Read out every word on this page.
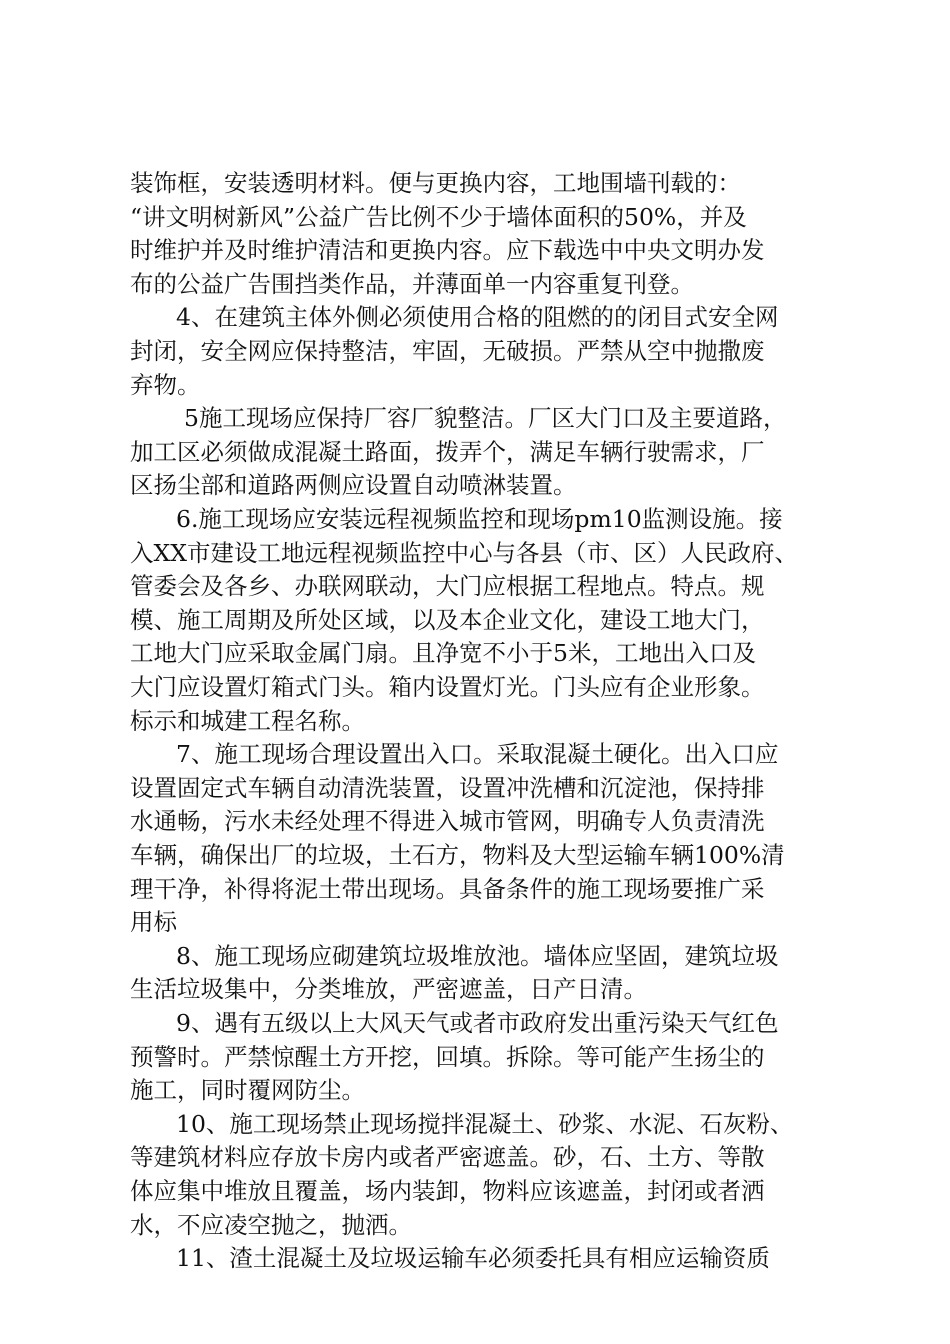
装饰框，安装透明材料。便与更换内容，工地围墙刊载的：
“讲文明树新风”公益广告比例不少于墙体面积的50%，并及
时维护并及时维护清洁和更换内容。应下载选中中央文明办发
布的公益广告围挡类作品，并薄面单一内容重复刊登。
4、在建筑主体外侧必须使用合格的阻燃的的闭目式安全网
封闭，安全网应保持整洁，牢固，无破损。严禁从空中抛撒废
弃物。
5施工现场应保持厂容厂貌整洁。厂区大门口及主要道路，
加工区必须做成混凝土路面，拨弄个，满足车辆行驶需求，厂
区扬尘部和道路两侧应设置自动喷淋装置。
6.施工现场应安装远程视频监控和现场pm10监测设施。接
入XX市建设工地远程视频监控中心与各县（市、区）人民政府、
管委会及各乡、办联网联动，大门应根据工程地点。特点。规
模、施工周期及所处区域，以及本企业文化，建设工地大门，
工地大门应采取金属门扇。且净宽不小于5米，工地出入口及
大门应设置灯箱式门头。箱内设置灯光。门头应有企业形象。
标示和城建工程名称。
7、施工现场合理设置出入口。采取混凝土硬化。出入口应
设置固定式车辆自动清洗装置，设置冲洗槽和沉淀池，保持排
水通畅，污水未经处理不得进入城市管网，明确专人负责清洗
车辆，确保出厂的垃圾，土石方，物料及大型运输车辆100%清
理干净，补得将泥土带出现场。具备条件的施工现场要推广采
用标
8、施工现场应砌建筑垃圾堆放池。墙体应坚固，建筑垃圾
生活垃圾集中，分类堆放，严密遮盖，日产日清。
9、遇有五级以上大风天气或者市政府发出重污染天气红色
预警时。严禁惊醒土方开挖，回填。拆除。等可能产生扬尘的
施工，同时覆网防尘。
10、施工现场禁止现场搅拌混凝土、砂浆、水泥、石灰粉、
等建筑材料应存放卡房内或者严密遮盖。砂，石、土方、等散
体应集中堆放且覆盖，场内装卸，物料应该遮盖，封闭或者洒
水，不应凌空抛之，抛洒。
11、渣土混凝土及垃圾运输车必须委托具有相应运输资质
